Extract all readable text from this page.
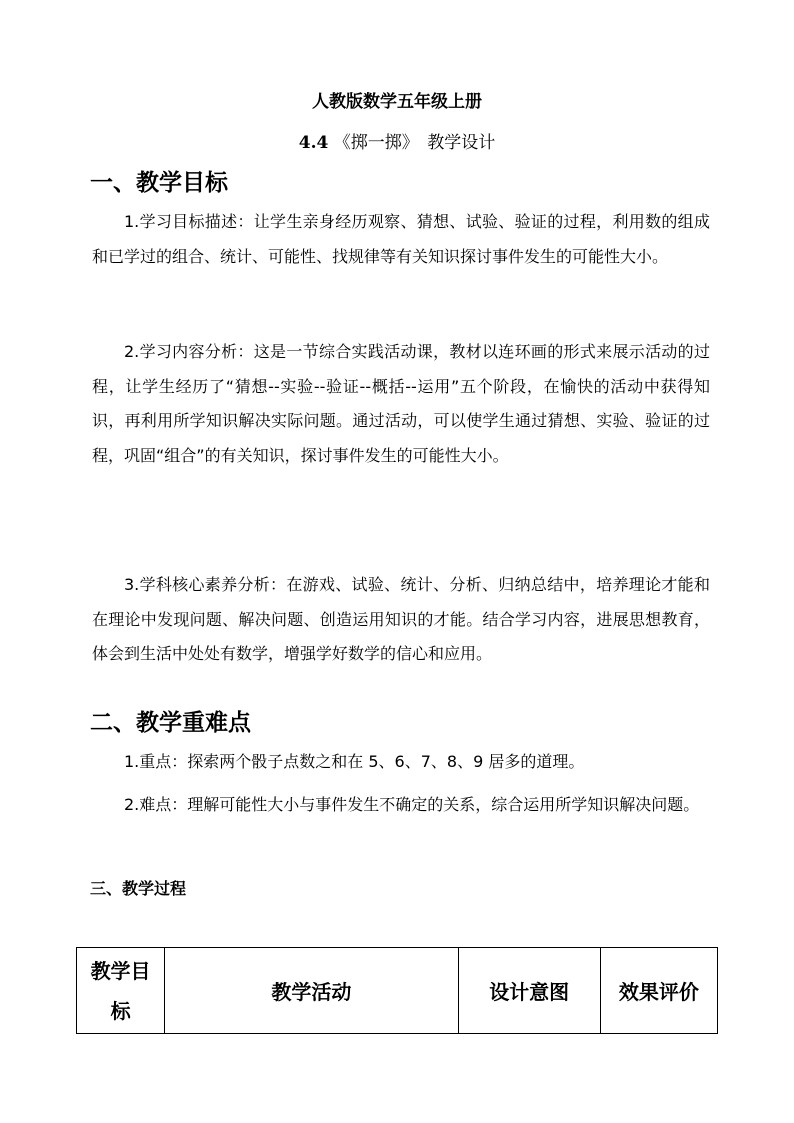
人教版数学五年级上册
4.4 《掷一掷》　教学设计
一、教学目标
1.学习目标描述：让学生亲身经历观察、猜想、试验、验证的过程，利用数的组成和已学过的组合、统计、可能性、找规律等有关知识探讨事件发生的可能性大小。
2.学习内容分析：这是一节综合实践活动课，教材以连环画的形式来展示活动的过程，让学生经历了“猜想--实验--验证--概括--运用”五个阶段，在愉快的活动中获得知识，再利用所学知识解决实际问题。通过活动，可以使学生通过猜想、实验、验证的过程，巩固“组合”的有关知识，探讨事件发生的可能性大小。
3.学科核心素养分析：在游戏、试验、统计、分析、归纳总结中，培养理论才能和在理论中发现问题、解决问题、创造运用知识的才能。结合学习内容，进展思想教育，体会到生活中处处有数学，增强学好数学的信心和应用。
二、教学重难点
1.重点：探索两个骰子点数之和在 5、6、7、8、9 居多的道理。
2.难点：理解可能性大小与事件发生不确定的关系，综合运用所学知识解决问题。
三、教学过程
教学目标	教学活动	设计意图	效果评价
